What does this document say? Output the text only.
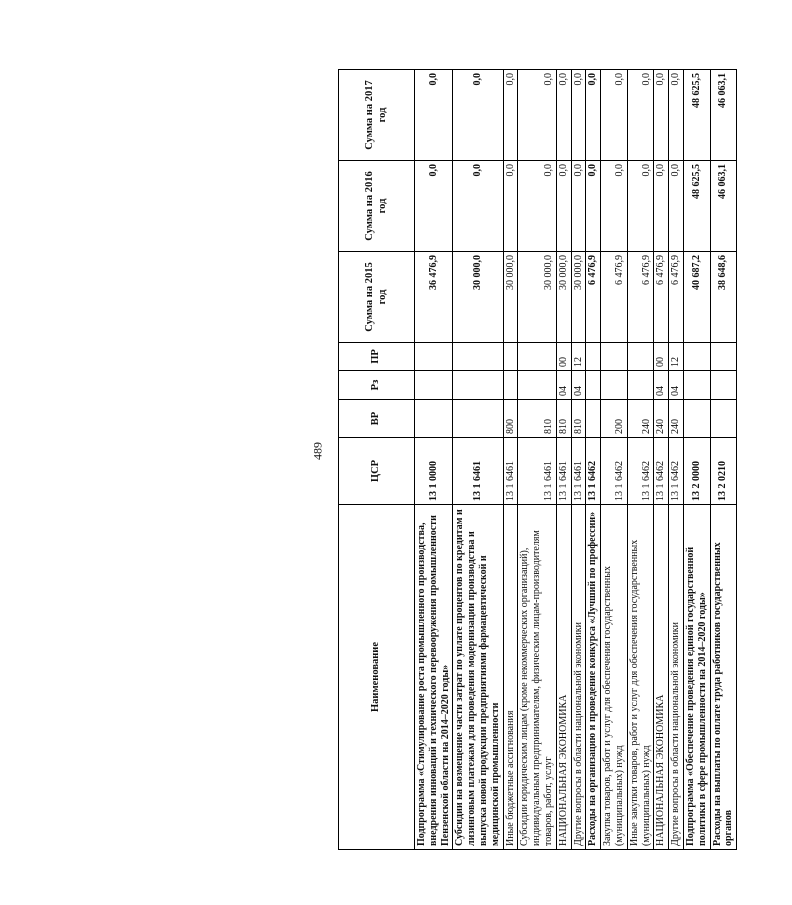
489
Наименование	ЦСР	ВР	Рз	ПР	Сумма на 2015 год	Сумма на 2016 год	Сумма на 2017 год
Подпрограмма «Стимулирование роста промышленного производства, внедрения инноваций и технического перевооружения промышленности Пензенской области на 2014–2020 годы»	13 1 0000				36 476,9	0,0	0,0
Субсидии на возмещение части затрат по уплате процентов по кредитам и лизинговым платежам для проведения модернизации производства и выпуска новой продукции предприятиями фармацевтической и медицинской промышленности	13 1 6461				30 000,0	0,0	0,0
Иные бюджетные ассигнования	13 1 6461	800			30 000,0	0,0	0,0
Субсидии юридическим лицам (кроме некоммерческих организаций), индивидуальным предпринимателям, физическим лицам-производителям товаров, работ, услуг	13 1 6461	810			30 000,0	0,0	0,0
НАЦИОНАЛЬНАЯ ЭКОНОМИКА	13 1 6461	810	04	00	30 000,0	0,0	0,0
Другие вопросы в области национальной экономики	13 1 6461	810	04	12	30 000,0	0,0	0,0
Расходы на организацию и проведение конкурса «Лучший по профессии»	13 1 6462				6 476,9	0,0	0,0
Закупка товаров, работ и услуг для обеспечения государственных (муниципальных) нужд	13 1 6462	200			6 476,9	0,0	0,0
Иные закупки товаров, работ и услуг для обеспечения государственных (муниципальных) нужд	13 1 6462	240			6 476,9	0,0	0,0
НАЦИОНАЛЬНАЯ ЭКОНОМИКА	13 1 6462	240	04	00	6 476,9	0,0	0,0
Другие вопросы в области национальной экономики	13 1 6462	240	04	12	6 476,9	0,0	0,0
Подпрограмма «Обеспечение проведения единой государственной политики в сфере промышленности на 2014–2020 годы»	13 2 0000				40 687,2	48 625,5	48 625,5
Расходы на выплаты по оплате труда работников государственных органов	13 2 0210				38 648,6	46 063,1	46 063,1
